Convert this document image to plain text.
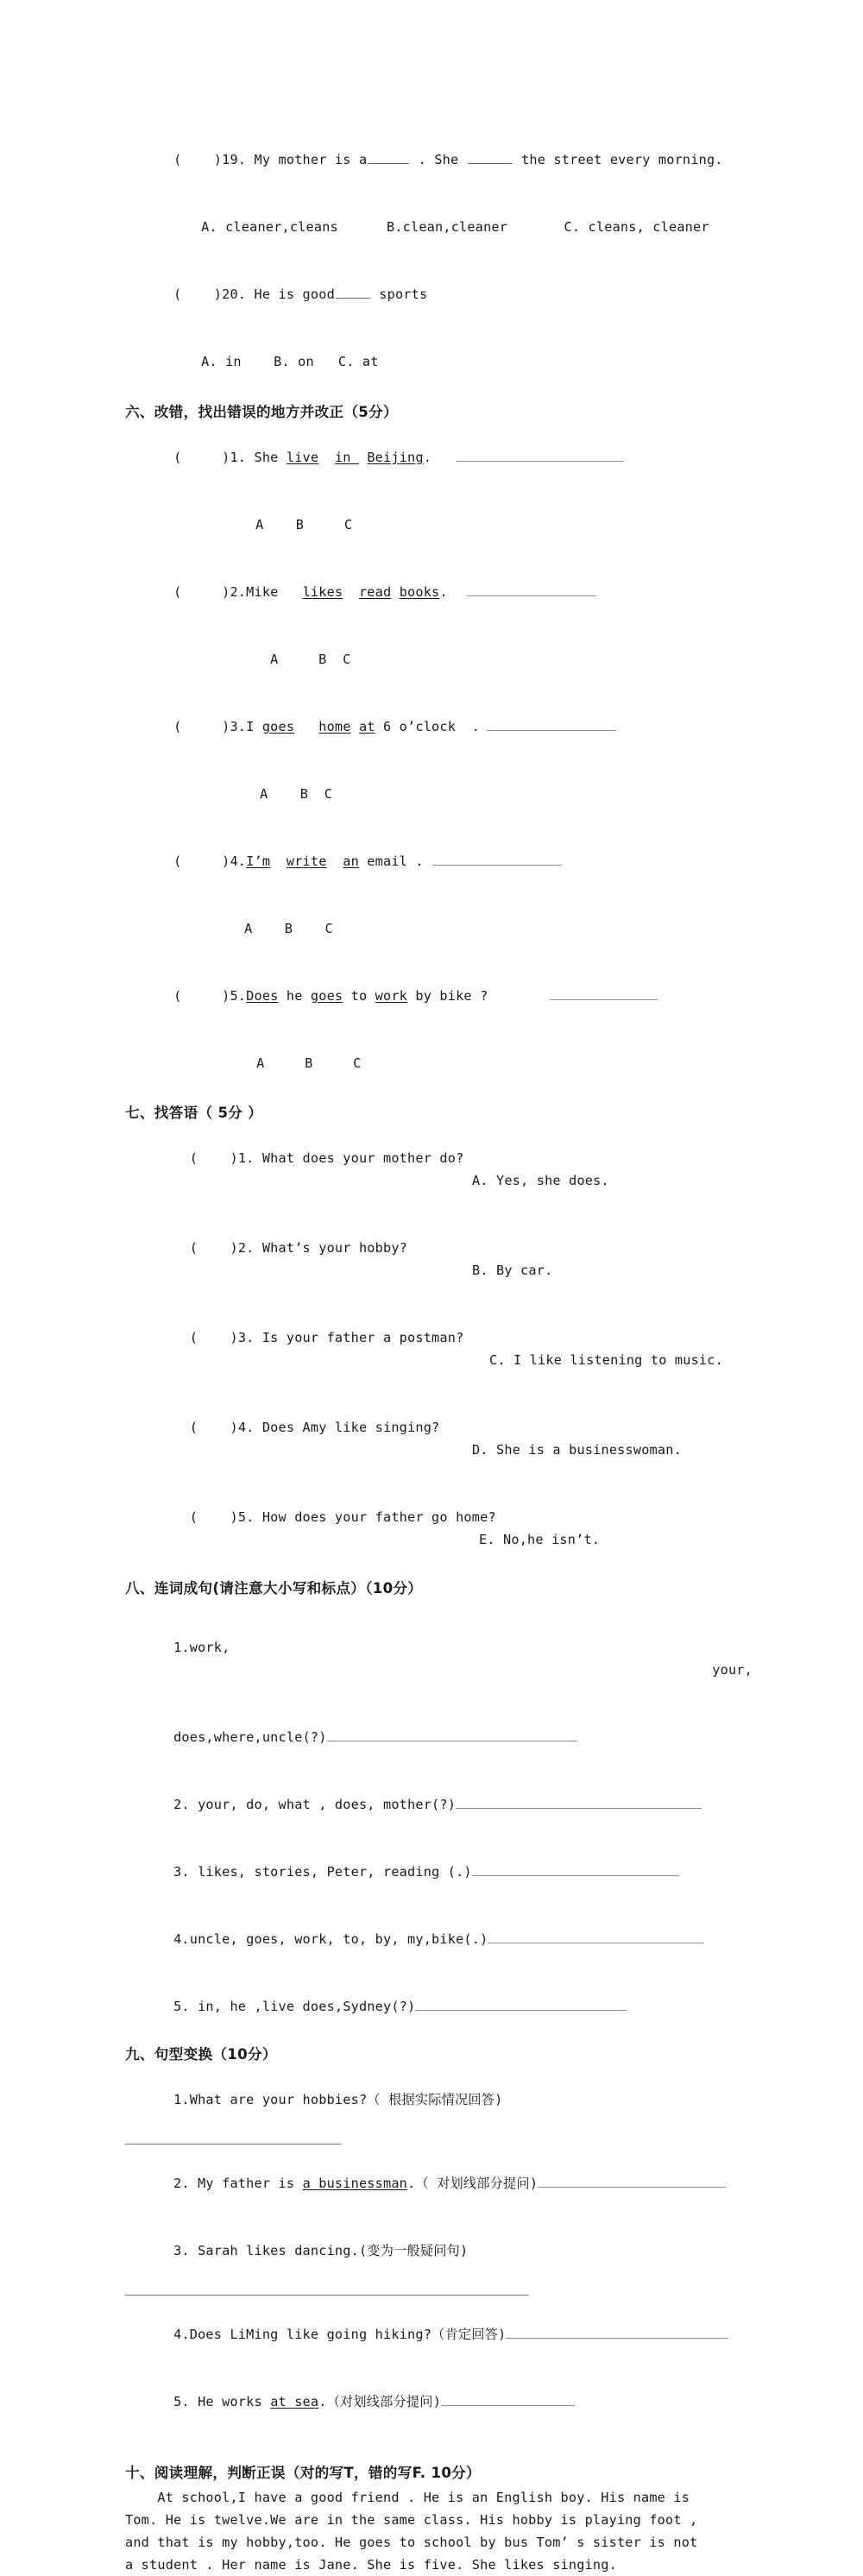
(    )19. My mother is a	. She	the street every morning.

A. cleaner,cleans      B.clean,cleaner       C. cleans, cleaner

(    )20. He is good	sports

A. in    B. on   C. at

六、改错，找出错误的地方并改正（5分）

(     )1. She live in  Beijing.

A    B     C

(     )2.Mike   likes read books.

A     B  C

(     )3.I goes home at 6 o’clock  .

A    B  C

(     )4.I’m write an email .

A    B    C

(     )5.Does he goes to work by bike ?

A     B     C

七、找答语（ 5分 ）

(    )1. What does your mother do?

A. Yes, she does.

(    )2. What’s your hobby?

B. By car.

(    )3. Is your father a postman?

C. I like listening to music.

(    )4. Does Amy like singing?

D. She is a businesswoman.

(    )5. How does your father go home?

E. No,he isn’t.

八、连词成句(请注意大小写和标点）（10分）

1.work,

your,

does,where,uncle(?)

2. your, do, what , does, mother(?)

3. likes, stories, Peter, reading (.)

4.uncle, goes, work, to, by, my,bike(.)

5. in, he ,live does,Sydney(?)

九、句型变换（10分）

1.What are your hobbies?（ 根据实际情况回答)

2. My father is a businessman.（ 对划线部分提问)

3. Sarah likes dancing.(变为一般疑问句)

4.Does LiMing like going hiking?（肯定回答)

5. He works at sea.（对划线部分提问)

十、阅读理解，判断正误（对的写T，错的写F. 10分）
At school,I have a good friend . He is an English boy. His name is
Tom. He is twelve.We are in the same class. His hobby is playing foot ,
and that is my hobby,too. He goes to school by bus Tom’ s sister is not
a student . Her name is Jane. She is five. She likes singing.
